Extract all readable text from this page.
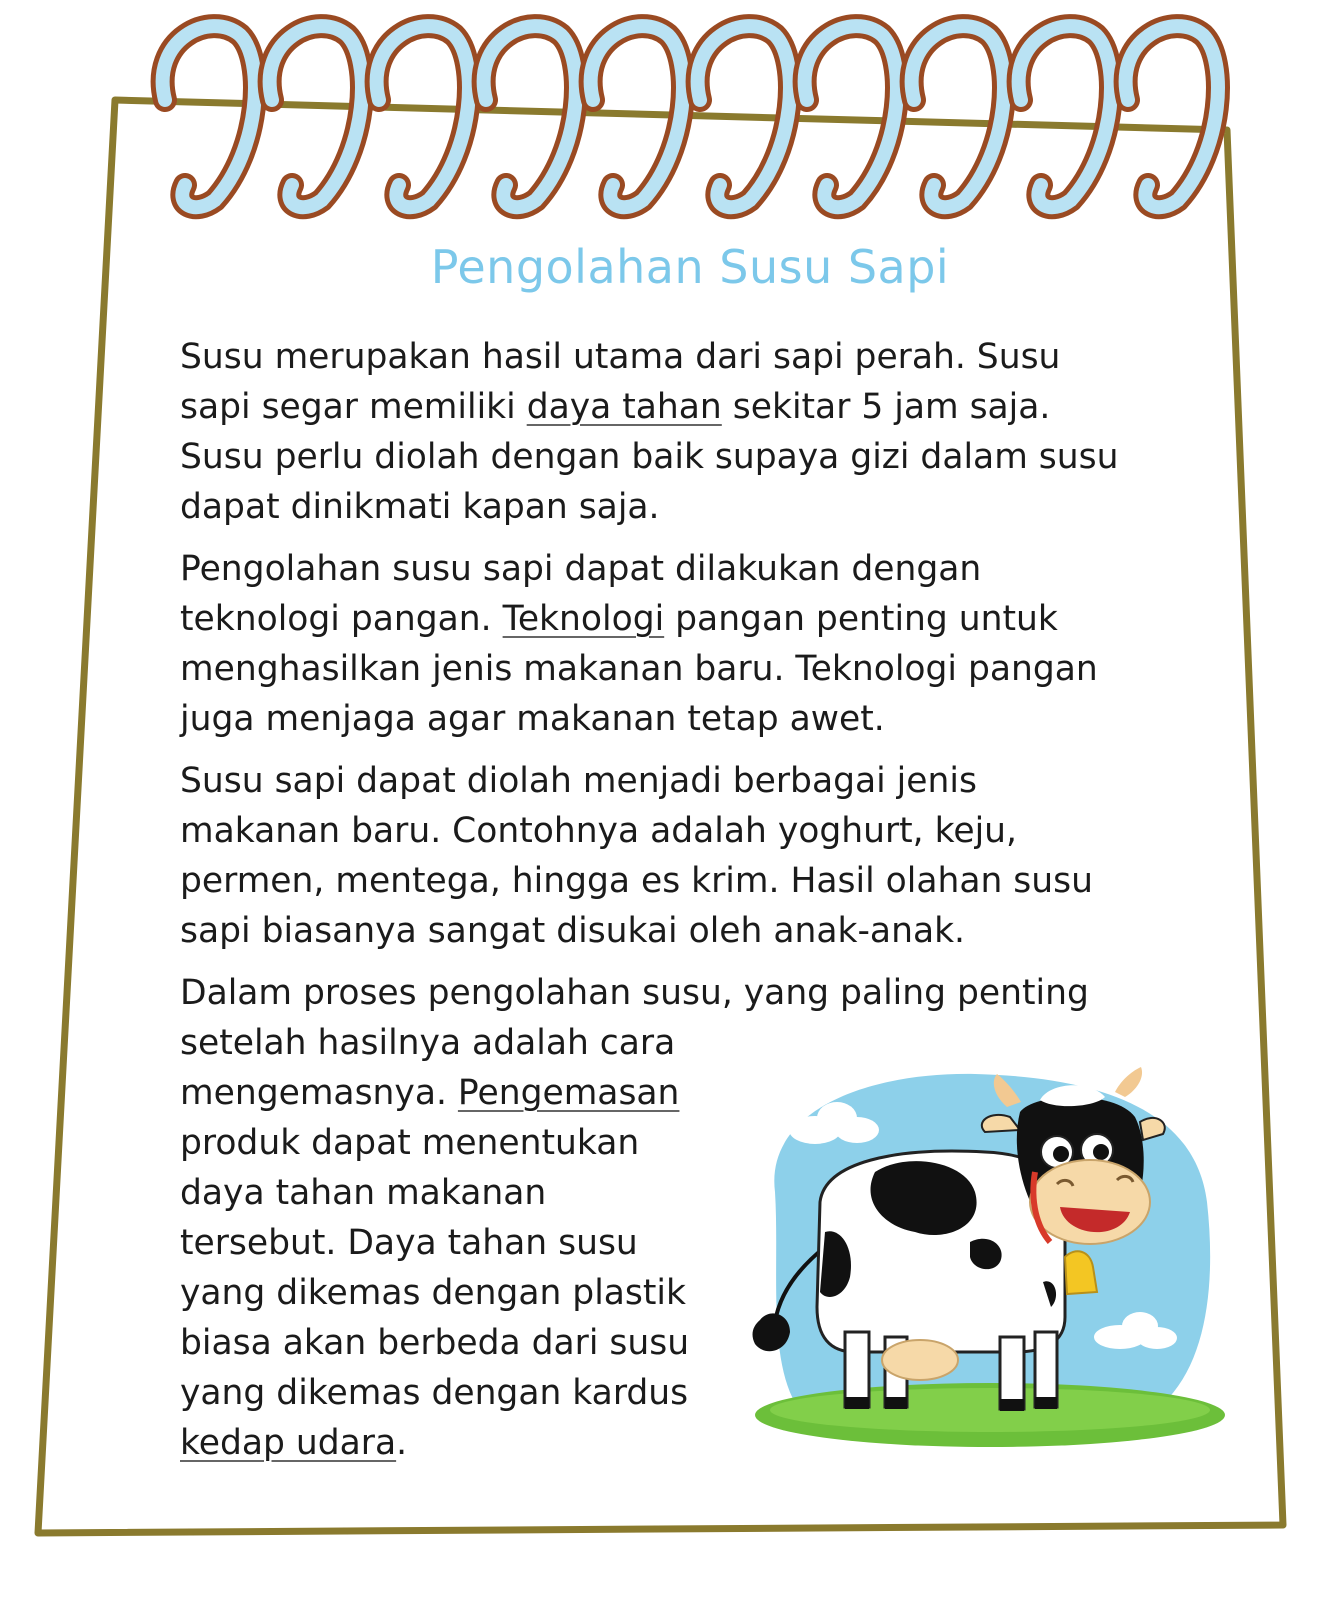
Pengolahan Susu Sapi
Susu merupakan hasil utama dari sapi perah. Susu
sapi segar memiliki daya tahan sekitar 5 jam saja.
Susu perlu diolah dengan baik supaya gizi dalam susu
dapat dinikmati kapan saja.
Pengolahan susu sapi dapat dilakukan dengan
teknologi pangan. Teknologi pangan penting untuk
menghasilkan jenis makanan baru. Teknologi pangan
juga menjaga agar makanan tetap awet.
Susu sapi dapat diolah menjadi berbagai jenis
makanan baru. Contohnya adalah yoghurt, keju,
permen, mentega, hingga es krim. Hasil olahan susu
sapi biasanya sangat disukai oleh anak-anak.
Dalam proses pengolahan susu, yang paling penting
setelah hasilnya adalah cara
mengemasnya. Pengemasan
produk dapat menentukan
daya tahan makanan
tersebut. Daya tahan susu
yang dikemas dengan plastik
biasa akan berbeda dari susu
yang dikemas dengan kardus
kedap udara.
